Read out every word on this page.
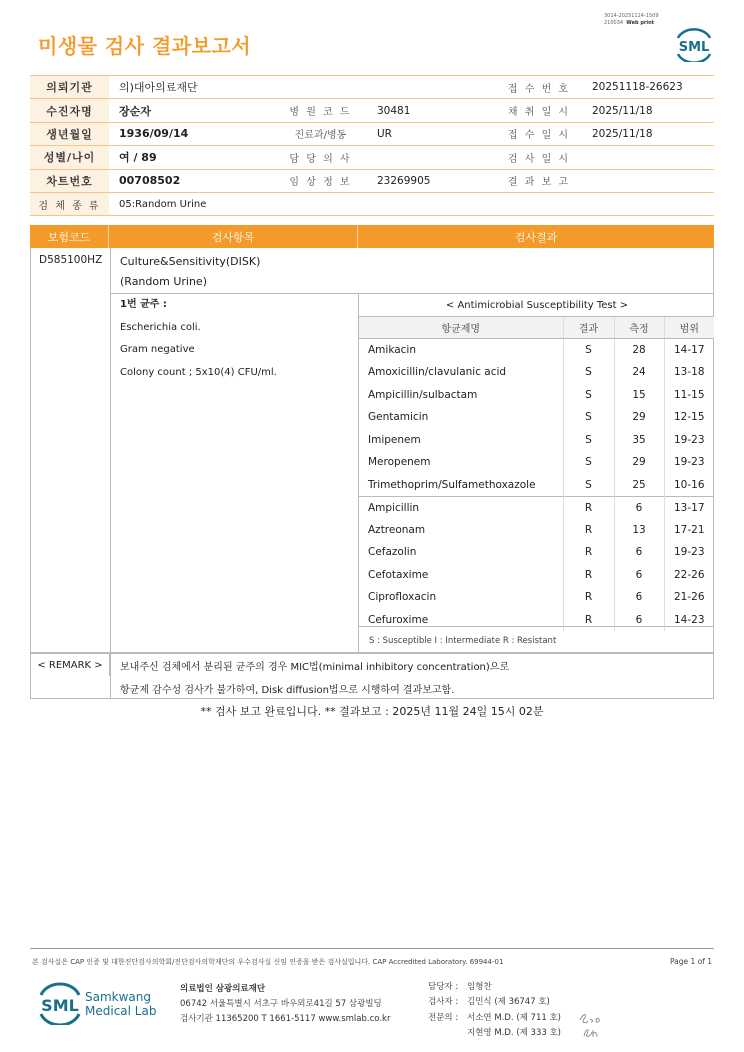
3014-20251124-1509
210034 Web print
미생물 검사 결과보고서	SML
의뢰기관	의)대아의료재단			접 수 번 호	20251118-26623
수진자명	장순자	병 원 코 드	30481	채 취 일 시	2025/11/18
생년월일	1936/09/14	진료과/병동	UR	접 수 일 시	2025/11/18
성별/나이	여 / 89	담 당 의 사		검 사 일 시	
차트번호	00708502	임 상 정 보	23269905	결 과 보 고	
검 체 종 류	05:Random Urine				
보험코드	검사항목	검사결과
D585100HZ Culture&Sensitivity(DISK)
(Random Urine)
1번 균주 :
Escherichia coli.
Gram negative
Colony count ; 5x10(4) CFU/ml.
< Antimicrobial Susceptibility Test >
항균제명	결과	측정	범위
Amikacin	S	28	14-17
Amoxicillin/clavulanic acid	S	24	13-18
Ampicillin/sulbactam	S	15	11-15
Gentamicin	S	29	12-15
Imipenem	S	35	19-23
Meropenem	S	29	19-23
Trimethoprim/Sulfamethoxazole	S	25	10-16
Ampicillin	R	6	13-17
Aztreonam	R	13	17-21
Cefazolin	R	6	19-23
Cefotaxime	R	6	22-26
Ciprofloxacin	R	6	21-26
Cefuroxime	R	6	14-23
S : Susceptible I : Intermediate R : Resistant
< REMARK >	보내주신 검체에서 분리된 균주의 경우 MIC법(minimal inhibitory concentration)으로
항균제 감수성 검사가 불가하여, Disk diffusion법으로 시행하여 결과보고함.
** 검사 보고 완료입니다. ** 결과보고 : 2025년 11월 24일 15시 02분
본 검사실은 CAP 인증 및 대한진단검사의학회/진단검사의학재단의 우수검사실 신임 인증을 받은 검사실입니다. CAP Accredited Laboratory. 69944-01	Page 1 of 1
SML Samkwang
Medical Lab
의료법인 삼광의료재단
06742 서울특별시 서초구 바우뫼로41길 57 삼광빌딩
검사기관 11365200 T 1661-5117 www.smlab.co.kr
담당자 :	임형찬
검사자 :	김민식 (제 36747 호)
전문의 :	서소연 M.D. (제 711 호)
지현영 M.D. (제 333 호)
